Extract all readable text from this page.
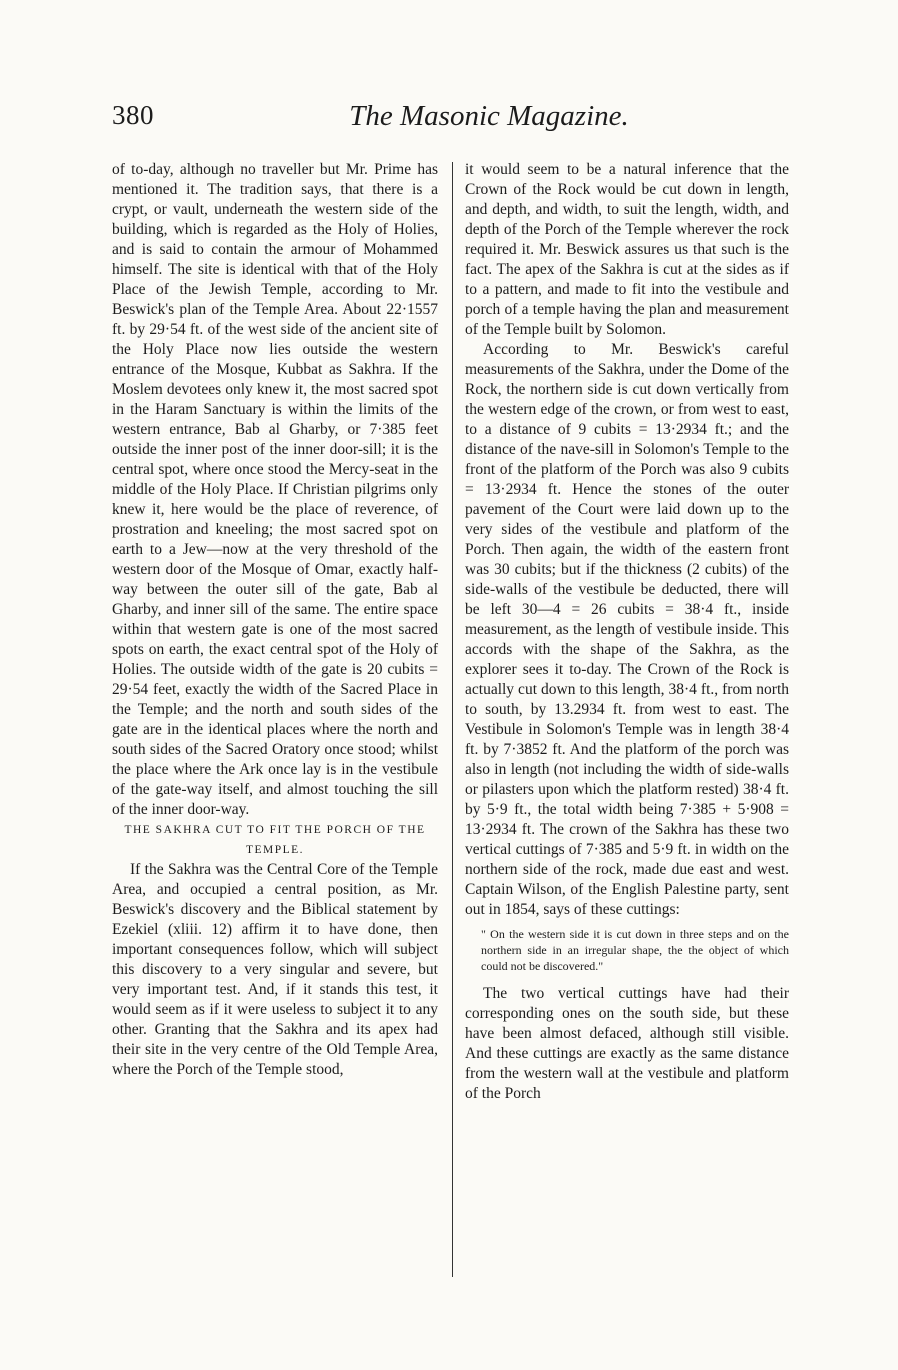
380	The Masonic Magazine.

of to-day, although no traveller but Mr. Prime has mentioned it. The tradition says, that there is a crypt, or vault, underneath the western side of the building, which is regarded as the Holy of Holies, and is said to contain the armour of Mohammed himself. The site is identical with that of the Holy Place of the Jewish Temple, according to Mr. Beswick's plan of the Temple Area. About 22·1557 ft. by 29·54 ft. of the west side of the ancient site of the Holy Place now lies outside the western entrance of the Mosque, Kubbat as Sakhra. If the Moslem devotees only knew it, the most sacred spot in the Haram Sanctuary is within the limits of the western entrance, Bab al Gharby, or 7·385 feet outside the inner post of the inner door-sill; it is the central spot, where once stood the Mercy-seat in the middle of the Holy Place. If Christian pilgrims only knew it, here would be the place of reverence, of prostration and kneeling; the most sacred spot on earth to a Jew—now at the very threshold of the western door of the Mosque of Omar, exactly half-way between the outer sill of the gate, Bab al Gharby, and inner sill of the same. The entire space within that western gate is one of the most sacred spots on earth, the exact central spot of the Holy of Holies. The outside width of the gate is 20 cubits = 29·54 feet, exactly the width of the Sacred Place in the Temple; and the north and south sides of the gate are in the identical places where the north and south sides of the Sacred Oratory once stood; whilst the place where the Ark once lay is in the vestibule of the gate-way itself, and almost touching the sill of the inner door-way.

THE SAKHRA CUT TO FIT THE PORCH OF THE TEMPLE.

If the Sakhra was the Central Core of the Temple Area, and occupied a central position, as Mr. Beswick's discovery and the Biblical statement by Ezekiel (xliii. 12) affirm it to have done, then important consequences follow, which will subject this discovery to a very singular and severe, but very important test. And, if it stands this test, it would seem as if it were useless to subject it to any other. Granting that the Sakhra and its apex had their site in the very centre of the Old Temple Area, where the Porch of the Temple stood,

it would seem to be a natural inference that the Crown of the Rock would be cut down in length, and depth, and width, to suit the length, width, and depth of the Porch of the Temple wherever the rock required it. Mr. Beswick assures us that such is the fact. The apex of the Sakhra is cut at the sides as if to a pattern, and made to fit into the vestibule and porch of a temple having the plan and measurement of the Temple built by Solomon.

According to Mr. Beswick's careful measurements of the Sakhra, under the Dome of the Rock, the northern side is cut down vertically from the western edge of the crown, or from west to east, to a distance of 9 cubits = 13·2934 ft.; and the distance of the nave-sill in Solomon's Temple to the front of the platform of the Porch was also 9 cubits = 13·2934 ft. Hence the stones of the outer pavement of the Court were laid down up to the very sides of the vestibule and platform of the Porch. Then again, the width of the eastern front was 30 cubits; but if the thickness (2 cubits) of the side-walls of the vestibule be deducted, there will be left 30—4 = 26 cubits = 38·4 ft., inside measurement, as the length of vestibule inside. This accords with the shape of the Sakhra, as the explorer sees it to-day. The Crown of the Rock is actually cut down to this length, 38·4 ft., from north to south, by 13.2934 ft. from west to east. The Vestibule in Solomon's Temple was in length 38·4 ft. by 7·3852 ft. And the platform of the porch was also in length (not including the width of side-walls or pilasters upon which the platform rested) 38·4 ft. by 5·9 ft., the total width being 7·385 + 5·908 = 13·2934 ft. The crown of the Sakhra has these two vertical cuttings of 7·385 and 5·9 ft. in width on the northern side of the rock, made due east and west. Captain Wilson, of the English Palestine party, sent out in 1854, says of these cuttings:

" On the western side it is cut down in three steps and on the northern side in an irregular shape, the the object of which could not be discovered."

The two vertical cuttings have had their corresponding ones on the south side, but these have been almost defaced, although still visible. And these cuttings are exactly as the same distance from the western wall at the vestibule and platform of the Porch
